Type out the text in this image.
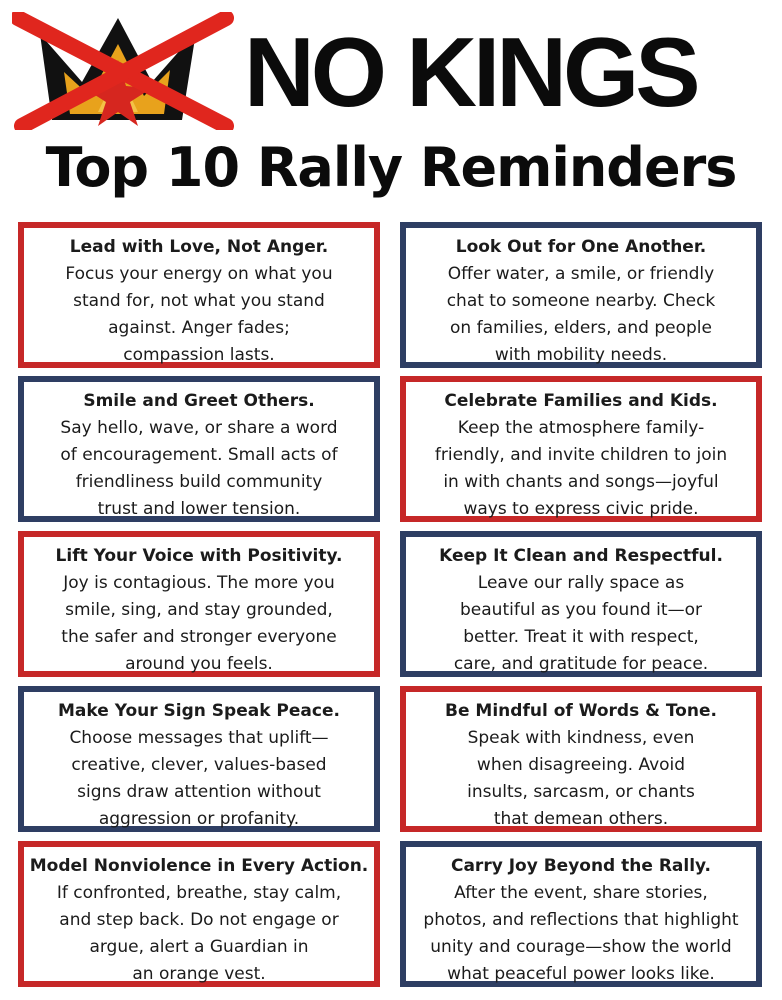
NO KINGS
Top 10 Rally Reminders
Lead with Love, Not Anger.
Focus your energy on what you
stand for, not what you stand
against. Anger fades;
compassion lasts.
Look Out for One Another.
Offer water, a smile, or friendly
chat to someone nearby. Check
on families, elders, and people
with mobility needs.
Smile and Greet Others.
Say hello, wave, or share a word
of encouragement. Small acts of
friendliness build community
trust and lower tension.
Celebrate Families and Kids.
Keep the atmosphere family-
friendly, and invite children to join
in with chants and songs—joyful
ways to express civic pride.
Lift Your Voice with Positivity.
Joy is contagious. The more you
smile, sing, and stay grounded,
the safer and stronger everyone
around you feels.
Keep It Clean and Respectful.
Leave our rally space as
beautiful as you found it—or
better. Treat it with respect,
care, and gratitude for peace.
Make Your Sign Speak Peace.
Choose messages that uplift—
creative, clever, values-based
signs draw attention without
aggression or profanity.
Be Mindful of Words & Tone.
Speak with kindness, even
when disagreeing. Avoid
insults, sarcasm, or chants
that demean others.
Model Nonviolence in Every Action.
If confronted, breathe, stay calm,
and step back. Do not engage or
argue, alert a Guardian in
an orange vest.
Carry Joy Beyond the Rally.
After the event, share stories,
photos, and reflections that highlight
unity and courage—show the world
what peaceful power looks like.
